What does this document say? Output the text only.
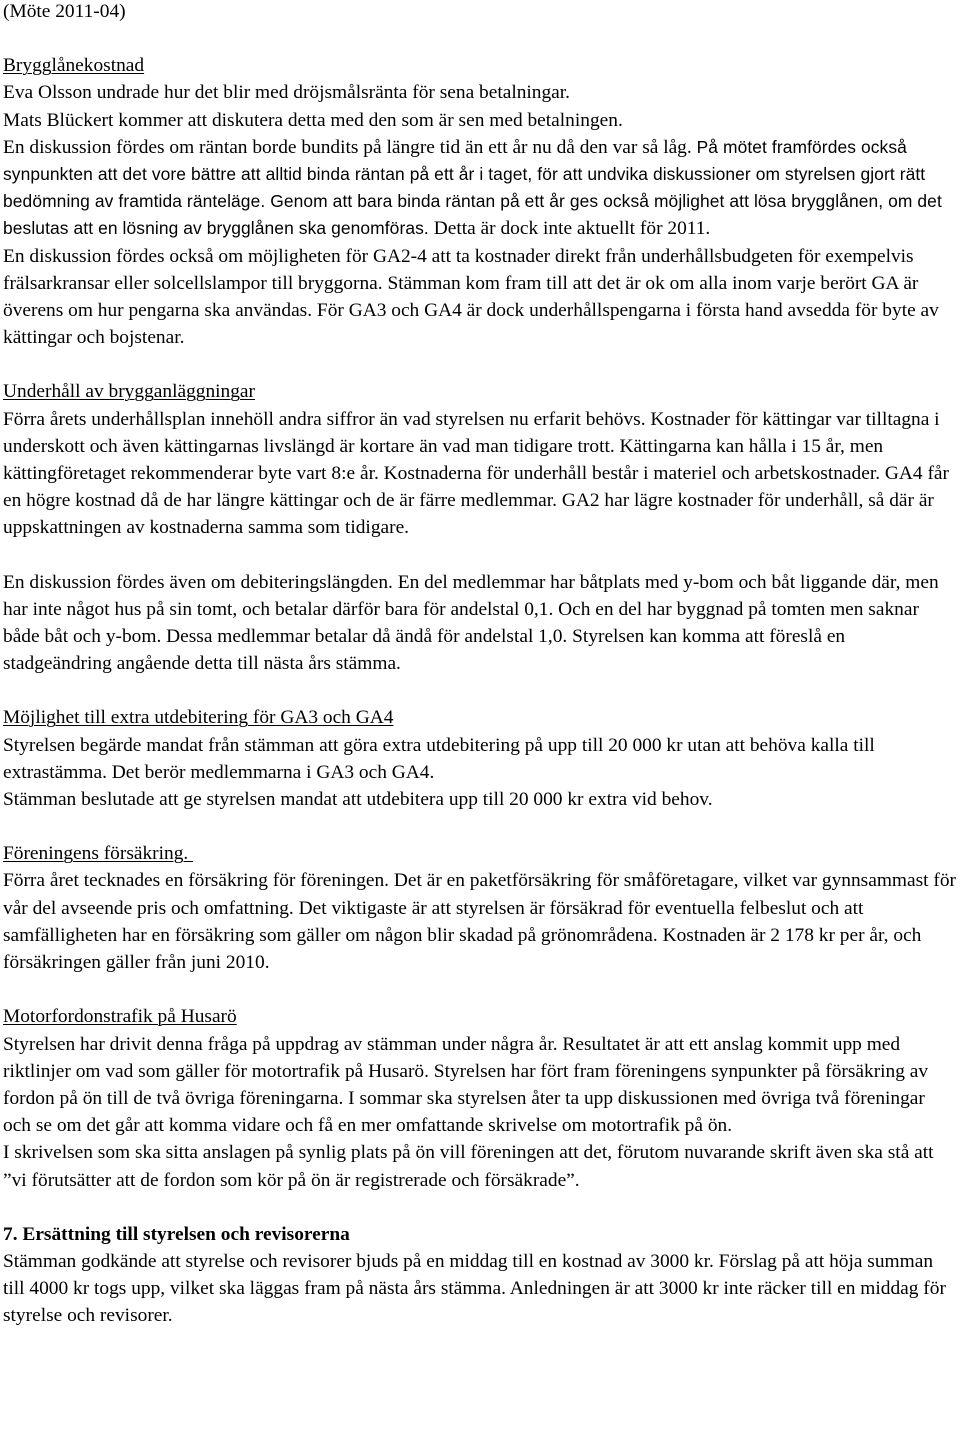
(Möte 2011-04)

Brygglånekostnad

Eva Olsson undrade hur det blir med dröjsmålsränta för sena betalningar.

Mats Blückert kommer att diskutera detta med den som är sen med betalningen.

En diskussion fördes om räntan borde bundits på längre tid än ett år nu då den var så låg. På mötet framfördes också synpunkten att det vore bättre att alltid binda räntan på ett år i taget, för att undvika diskussioner om styrelsen gjort rätt bedömning av framtida ränteläge. Genom att bara binda räntan på ett år ges också möjlighet att lösa brygglånen, om det beslutas att en lösning av brygglånen ska genomföras. Detta är dock inte aktuellt för 2011.

En diskussion fördes också om möjligheten för GA2-4 att ta kostnader direkt från underhållsbudgeten för exempelvis frälsarkransar eller solcellslampor till bryggorna. Stämman kom fram till att det är ok om alla inom varje berört GA är överens om hur pengarna ska användas. För GA3 och GA4 är dock underhållspengarna i första hand avsedda för byte av kättingar och bojstenar.

Underhåll av brygganläggningar

Förra årets underhållsplan innehöll andra siffror än vad styrelsen nu erfarit behövs. Kostnader för kättingar var tilltagna i underskott och även kättingarnas livslängd är kortare än vad man tidigare trott. Kättingarna kan hålla i 15 år, men kättingföretaget rekommenderar byte vart 8:e år. Kostnaderna för underhåll består i materiel och arbetskostnader. GA4 får en högre kostnad då de har längre kättingar och de är färre medlemmar. GA2 har lägre kostnader för underhåll, så där är uppskattningen av kostnaderna samma som tidigare.

En diskussion fördes även om debiteringslängden. En del medlemmar har båtplats med y-bom och båt liggande där, men har inte något hus på sin tomt, och betalar därför bara för andelstal 0,1. Och en del har byggnad på tomten men saknar både båt och y-bom. Dessa medlemmar betalar då ändå för andelstal 1,0. Styrelsen kan komma att föreslå en stadgeändring angående detta till nästa års stämma.

Möjlighet till extra utdebitering för GA3 och GA4

Styrelsen begärde mandat från stämman att göra extra utdebitering på upp till 20 000 kr utan att behöva kalla till extrastämma. Det berör medlemmarna i GA3 och GA4.

Stämman beslutade att ge styrelsen mandat att utdebitera upp till 20 000 kr extra vid behov.

Föreningens försäkring.

Förra året tecknades en försäkring för föreningen. Det är en paketförsäkring för småföretagare, vilket var gynnsammast för vår del avseende pris och omfattning. Det viktigaste är att styrelsen är försäkrad för eventuella felbeslut och att samfälligheten har en försäkring som gäller om någon blir skadad på grönområdena. Kostnaden är 2 178 kr per år, och försäkringen gäller från juni 2010.

Motorfordonstrafik på Husarö

Styrelsen har drivit denna fråga på uppdrag av stämman under några år. Resultatet är att ett anslag kommit upp med riktlinjer om vad som gäller för motortrafik på Husarö. Styrelsen har fört fram föreningens synpunkter på försäkring av fordon på ön till de två övriga föreningarna. I sommar ska styrelsen åter ta upp diskussionen med övriga två föreningar och se om det går att komma vidare och få en mer omfattande skrivelse om motortrafik på ön.

I skrivelsen som ska sitta anslagen på synlig plats på ön vill föreningen att det, förutom nuvarande skrift även ska stå att ”vi förutsätter att de fordon som kör på ön är registrerade och försäkrade”.

7. Ersättning till styrelsen och revisorerna

Stämman godkände att styrelse och revisorer bjuds på en middag till en kostnad av 3000 kr. Förslag på att höja summan till 4000 kr togs upp, vilket ska läggas fram på nästa års stämma. Anledningen är att 3000 kr inte räcker till en middag för styrelse och revisorer.
